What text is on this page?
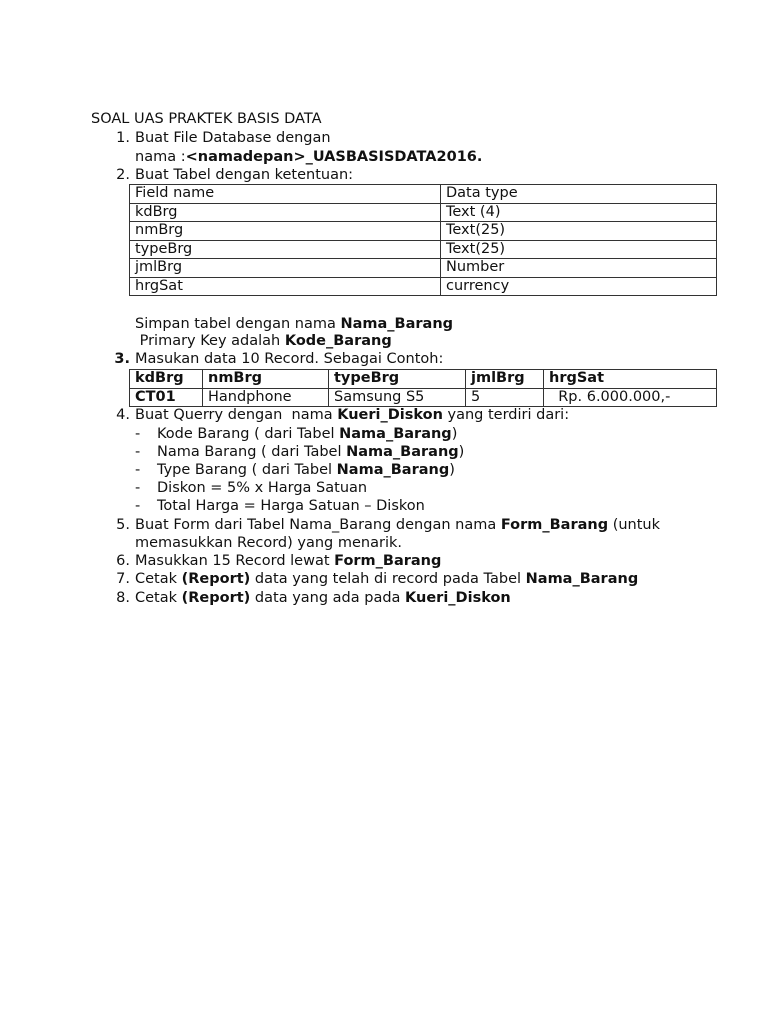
SOAL UAS PRAKTEK BASIS DATA
1. Buat File Database dengan
nama :<namadepan>_UASBASISDATA2016.
2. Buat Tabel dengan ketentuan:
Field name	Data type
kdBrg	Text (4)
nmBrg	Text(25)
typeBrg	Text(25)
jmlBrg	Number
hrgSat	currency
Simpan tabel dengan nama Nama_Barang
Primary Key adalah Kode_Barang
3. Masukan data 10 Record. Sebagai Contoh:
kdBrg	nmBrg	typeBrg	jmlBrg	hrgSat
CT01	Handphone	Samsung S5	5	Rp. 6.000.000,-
4. Buat Querry dengan  nama Kueri_Diskon yang terdiri dari:
- Kode Barang ( dari Tabel Nama_Barang)
- Nama Barang ( dari Tabel Nama_Barang)
- Type Barang ( dari Tabel Nama_Barang)
- Diskon = 5% x Harga Satuan
- Total Harga = Harga Satuan – Diskon
5. Buat Form dari Tabel Nama_Barang dengan nama Form_Barang (untuk
memasukkan Record) yang menarik.
6. Masukkan 15 Record lewat Form_Barang
7. Cetak (Report) data yang telah di record pada Tabel Nama_Barang
8. Cetak (Report) data yang ada pada Kueri_Diskon
